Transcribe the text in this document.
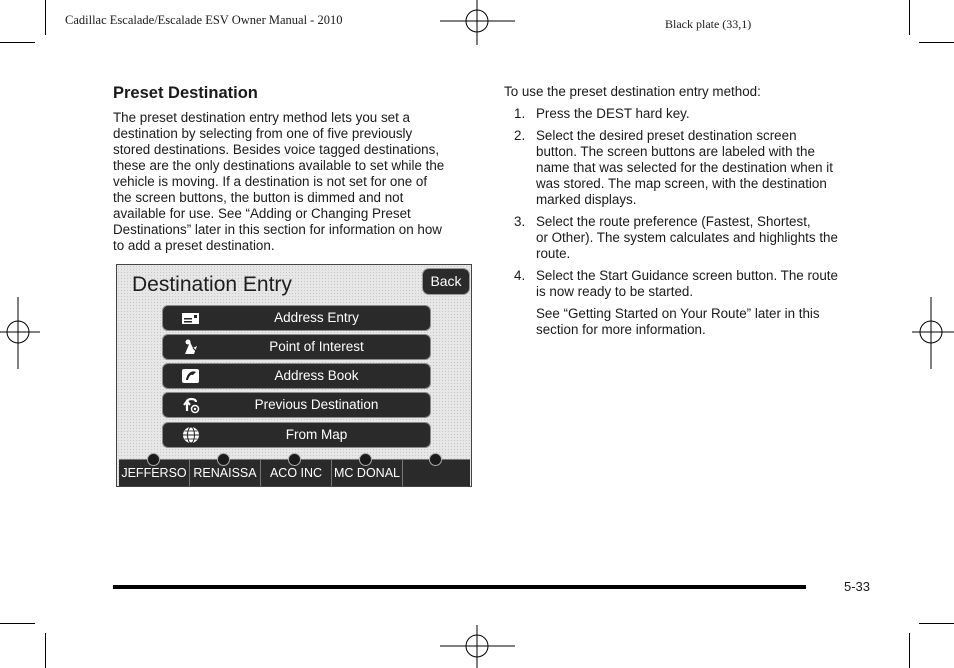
Cadillac Escalade/Escalade ESV Owner Manual - 2010	Black plate (33,1)
Preset Destination
The preset destination entry method lets you set a
destination by selecting from one of five previously
stored destinations. Besides voice tagged destinations,
these are the only destinations available to set while the
vehicle is moving. If a destination is not set for one of
the screen buttons, the button is dimmed and not
available for use. See “Adding or Changing Preset
Destinations” later in this section for information on how
to add a preset destination.
Destination Entry	Back
Address Entry
Point of Interest
Address Book
Previous Destination
From Map
JEFFERSO RENAISSA	ACO INC MC DONAL
To use the preset destination entry method:
1. Press the DEST hard key.
2. Select the desired preset destination screen
button. The screen buttons are labeled with the
name that was selected for the destination when it
was stored. The map screen, with the destination
marked displays.
3. Select the route preference (Fastest, Shortest,
or Other). The system calculates and highlights the
route.
4. Select the Start Guidance screen button. The route
is now ready to be started.
See “Getting Started on Your Route” later in this
section for more information.
5-33
